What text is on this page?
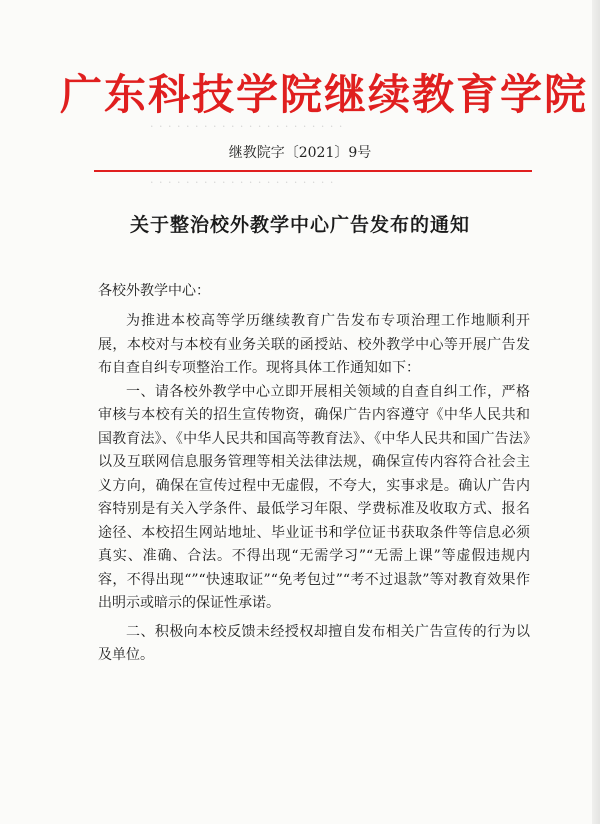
· · · · · · · · · · · · · · · · · · · · · ·
· · · · · · · · · · · · · · · · · · · · ·
广东科技学院继续教育学院
继教院字〔2021〕9号
关于整治校外教学中心广告发布的通知
各校外教学中心：

为推进本校高等学历继续教育广告发布专项治理工作地顺利开展，本校对与本校有业务关联的函授站、校外教学中心等开展广告发布自查自纠专项整治工作。现将具体工作通知如下：

一、请各校外教学中心立即开展相关领域的自查自纠工作，严格审核与本校有关的招生宣传物资，确保广告内容遵守《中华人民共和国教育法》、《中华人民共和国高等教育法》、《中华人民共和国广告法》以及互联网信息服务管理等相关法律法规，确保宣传内容符合社会主义方向，确保在宣传过程中无虚假，不夸大，实事求是。确认广告内容特别是有关入学条件、最低学习年限、学费标准及收取方式、报名途径、本校招生网站地址、毕业证书和学位证书获取条件等信息必须真实、准确、合法。不得出现“无需学习”“无需上课”等虚假违规内容，不得出现“”“快速取证”“免考包过”“考不过退款”等对教育效果作出明示或暗示的保证性承诺。

二、积极向本校反馈未经授权却擅自发布相关广告宣传的行为以及单位。
